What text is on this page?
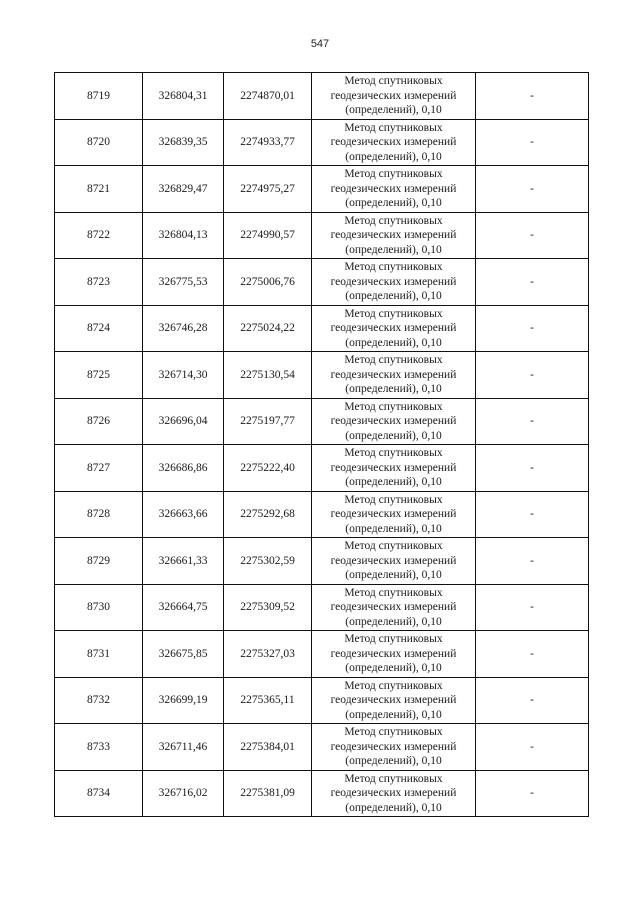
547
8719	326804,31	2274870,01	Метод спутниковых
геодезических измерений
(определений), 0,10	-
8720	326839,35	2274933,77	Метод спутниковых
геодезических измерений
(определений), 0,10	-
8721	326829,47	2274975,27	Метод спутниковых
геодезических измерений
(определений), 0,10	-
8722	326804,13	2274990,57	Метод спутниковых
геодезических измерений
(определений), 0,10	-
8723	326775,53	2275006,76	Метод спутниковых
геодезических измерений
(определений), 0,10	-
8724	326746,28	2275024,22	Метод спутниковых
геодезических измерений
(определений), 0,10	-
8725	326714,30	2275130,54	Метод спутниковых
геодезических измерений
(определений), 0,10	-
8726	326696,04	2275197,77	Метод спутниковых
геодезических измерений
(определений), 0,10	-
8727	326686,86	2275222,40	Метод спутниковых
геодезических измерений
(определений), 0,10	-
8728	326663,66	2275292,68	Метод спутниковых
геодезических измерений
(определений), 0,10	-
8729	326661,33	2275302,59	Метод спутниковых
геодезических измерений
(определений), 0,10	-
8730	326664,75	2275309,52	Метод спутниковых
геодезических измерений
(определений), 0,10	-
8731	326675,85	2275327,03	Метод спутниковых
геодезических измерений
(определений), 0,10	-
8732	326699,19	2275365,11	Метод спутниковых
геодезических измерений
(определений), 0,10	-
8733	326711,46	2275384,01	Метод спутниковых
геодезических измерений
(определений), 0,10	-
8734	326716,02	2275381,09	Метод спутниковых
геодезических измерений
(определений), 0,10	-
